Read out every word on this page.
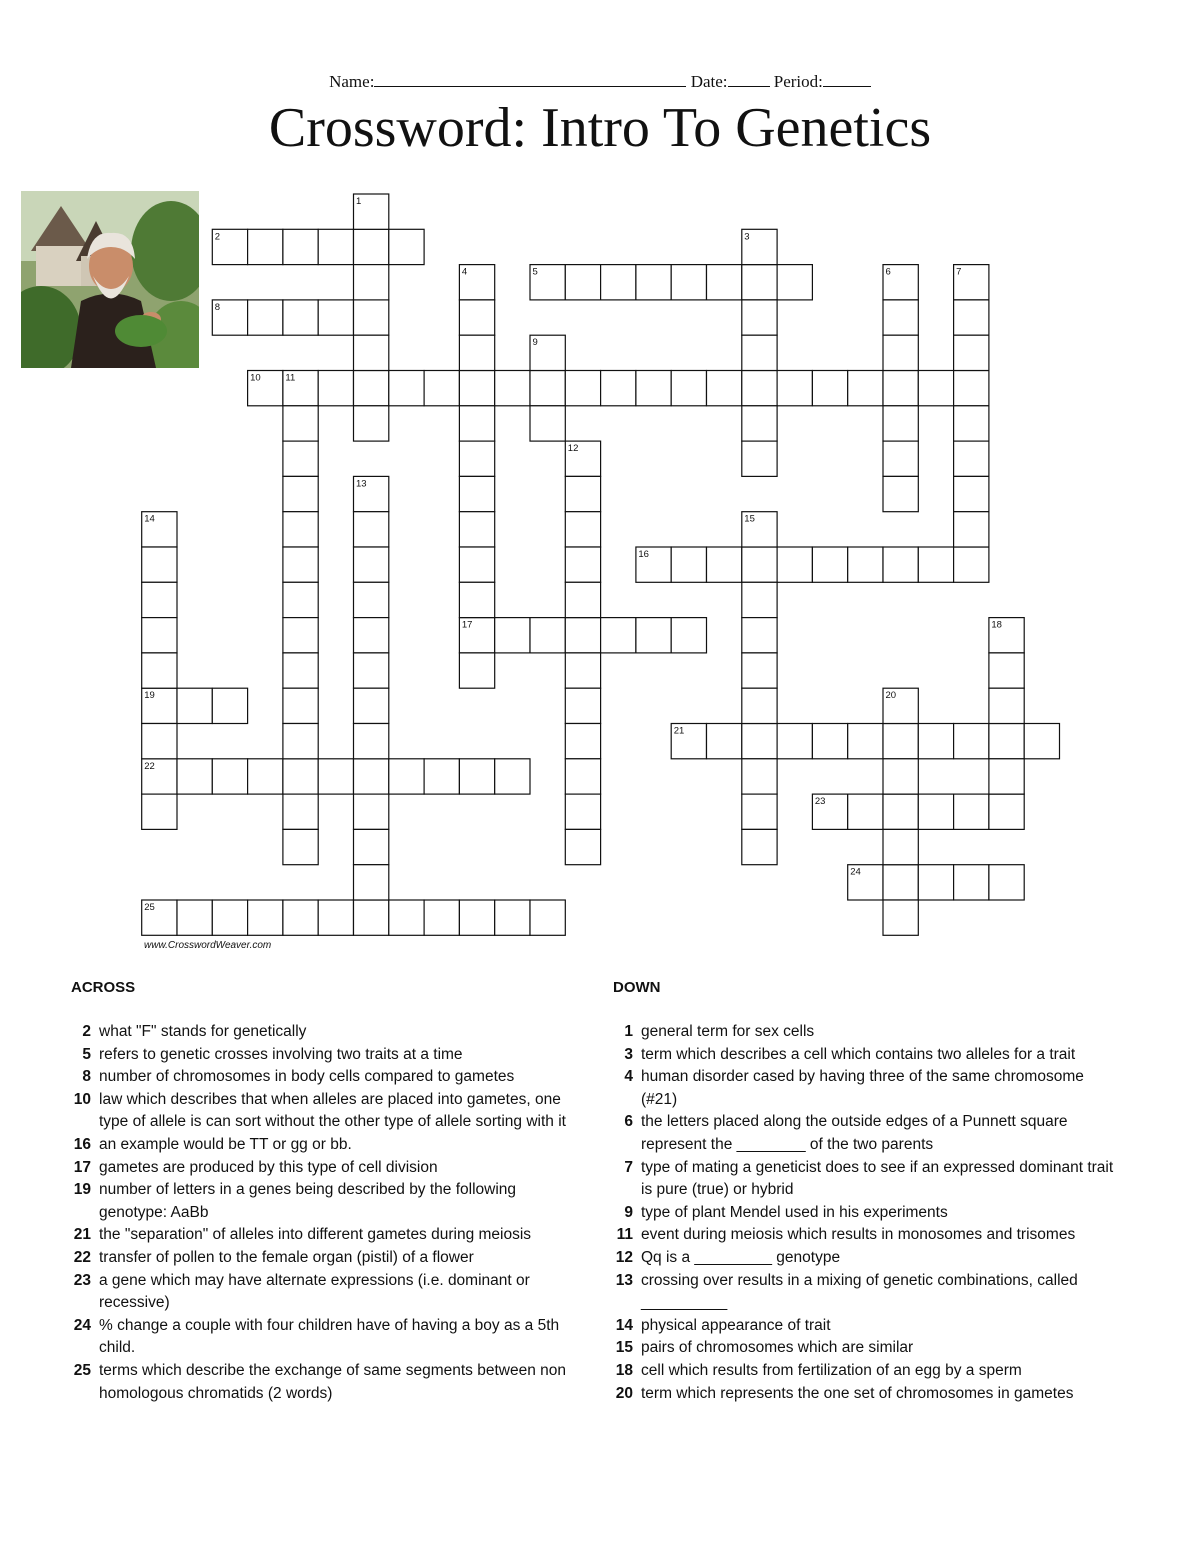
Name:	Date:	Period:
Crossword: Intro To Genetics
2
5
8
10
16
17
19
21
22
23
24
25
1
3
4	6	7
9
11
12
13
14	15
18
20
www.CrosswordWeaver.com
ACROSS	DOWN
2 what "F" stands for genetically
5 refers to genetic crosses involving two traits at a time
8 number of chromosomes in body cells compared to gametes
10 law which describes that when alleles are placed into gametes, one type of allele is can sort without the other type of allele sorting with it
16 an example would be TT or gg or bb.
17 gametes are produced by this type of cell division
19 number of letters in a genes being described by the following genotype: AaBb
21 the "separation" of alleles into different gametes during meiosis
22 transfer of pollen to the female organ (pistil) of a flower
23 a gene which may have alternate expressions (i.e. dominant or recessive)
24 % change a couple with four children have of having a boy as a 5th child.
25 terms which describe the exchange of same segments between non homologous chromatids (2 words)
1 general term for sex cells
3 term which describes a cell which contains two alleles for a trait
4 human disorder cased by having three of the same chromosome (#21)
6 the letters placed along the outside edges of a Punnett square represent the ________ of the two parents
7 type of mating a geneticist does to see if an expressed dominant trait is pure (true) or hybrid
9 type of plant Mendel used in his experiments
11 event during meiosis which results in monosomes and trisomes
12 Qq is a _________ genotype
13 crossing over results in a mixing of genetic combinations, called __________
14 physical appearance of trait
15 pairs of chromosomes which are similar
18 cell which results from fertilization of an egg by a sperm
20 term which represents the one set of chromosomes in gametes
